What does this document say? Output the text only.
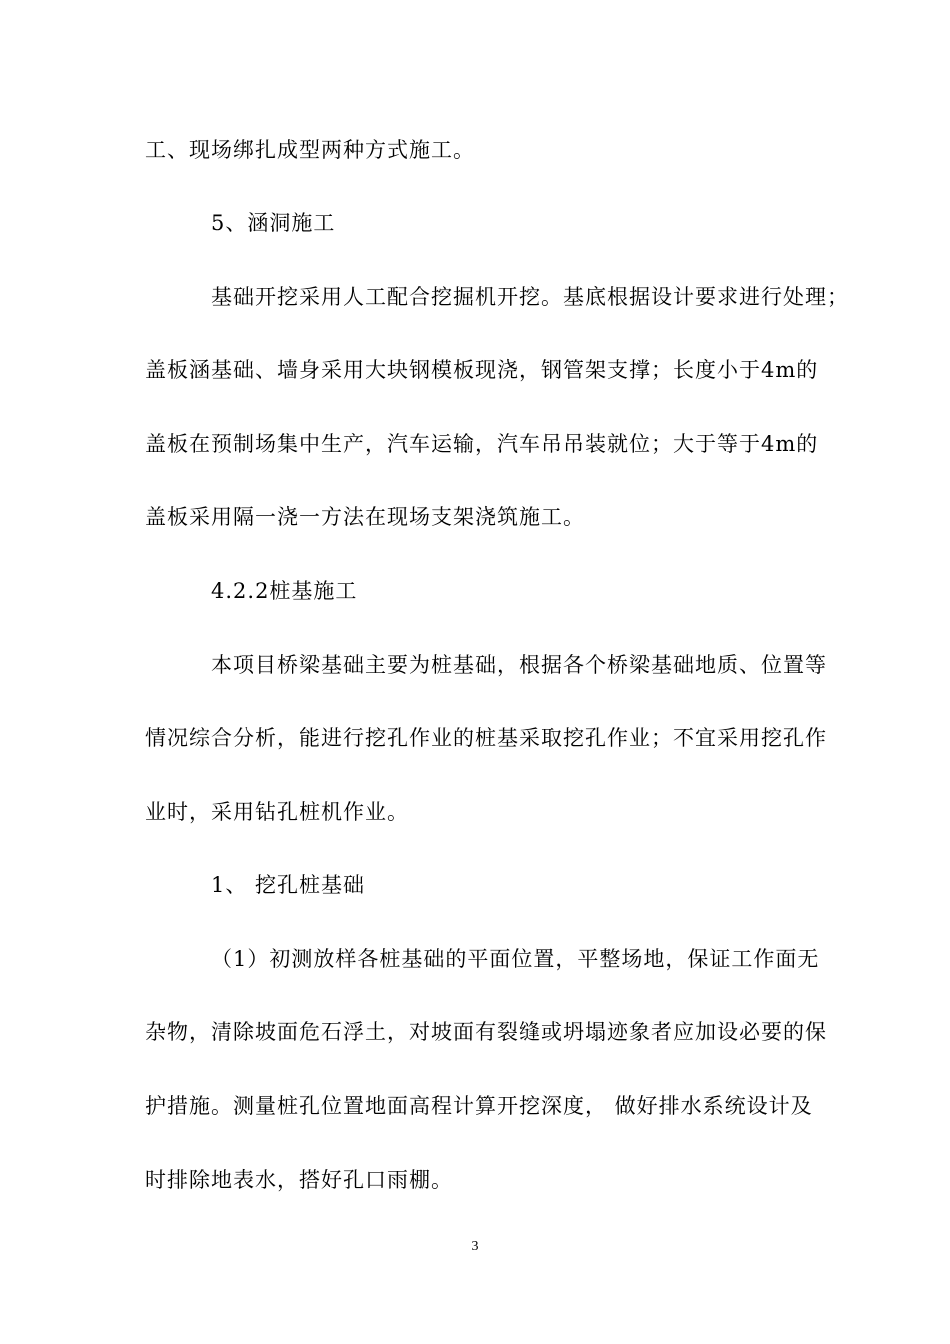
工、现场绑扎成型两种方式施工。
5、涵洞施工
基础开挖采用人工配合挖掘机开挖。基底根据设计要求进行处理；
盖板涵基础、墙身采用大块钢模板现浇，钢管架支撑；长度小于4m的
盖板在预制场集中生产，汽车运输，汽车吊吊装就位；大于等于4m的
盖板采用隔一浇一方法在现场支架浇筑施工。
4.2.2桩基施工
本项目桥梁基础主要为桩基础，根据各个桥梁基础地质、位置等
情况综合分析，能进行挖孔作业的桩基采取挖孔作业；不宜采用挖孔作
业时，采用钻孔桩机作业。
1、 挖孔桩基础
（1）初测放样各桩基础的平面位置，平整场地，保证工作面无
杂物，清除坡面危石浮土，对坡面有裂缝或坍塌迹象者应加设必要的保
护措施。测量桩孔位置地面高程计算开挖深度， 做好排水系统设计及
时排除地表水，搭好孔口雨棚。
3
